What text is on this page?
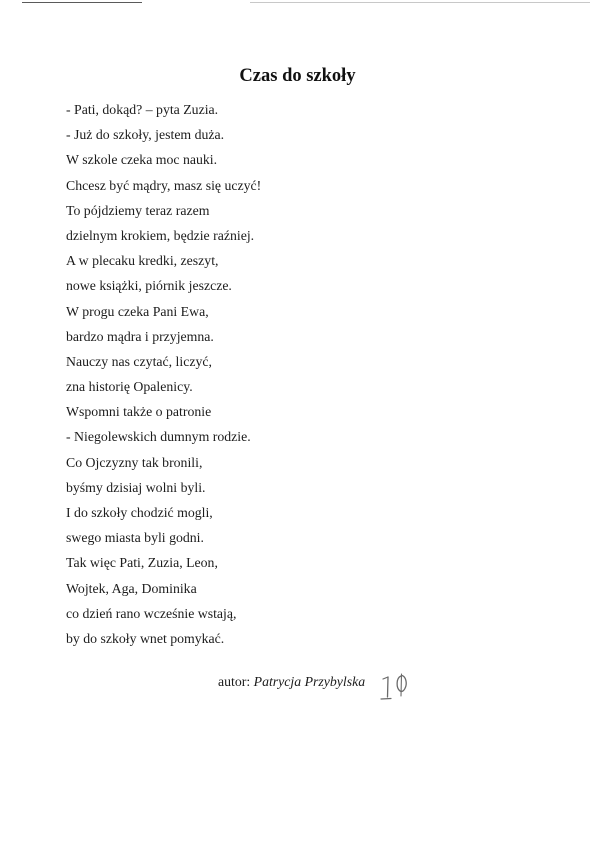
Czas do szkoły
- Pati, dokąd? – pyta Zuzia.
- Już do szkoły, jestem duża.
W szkole czeka moc nauki.
Chcesz być mądry, masz się uczyć!
To pójdziemy teraz razem
dzielnym krokiem, będzie raźniej.
A w plecaku kredki, zeszyt,
nowe książki, piórnik jeszcze.
W progu czeka Pani Ewa,
bardzo mądra i przyjemna.
Nauczy nas czytać, liczyć,
zna historię Opalenicy.
Wspomni także o patronie
- Niegolewskich dumnym rodzie.
Co Ojczyzny tak bronili,
byśmy dzisiaj wolni byli.
I do szkoły chodzić mogli,
swego miasta byli godni.
Tak więc Pati, Zuzia, Leon,
Wojtek, Aga, Dominika
co dzień rano wcześnie wstają,
by do szkoły wnet pomykać.
autor: Patrycja Przybylska
